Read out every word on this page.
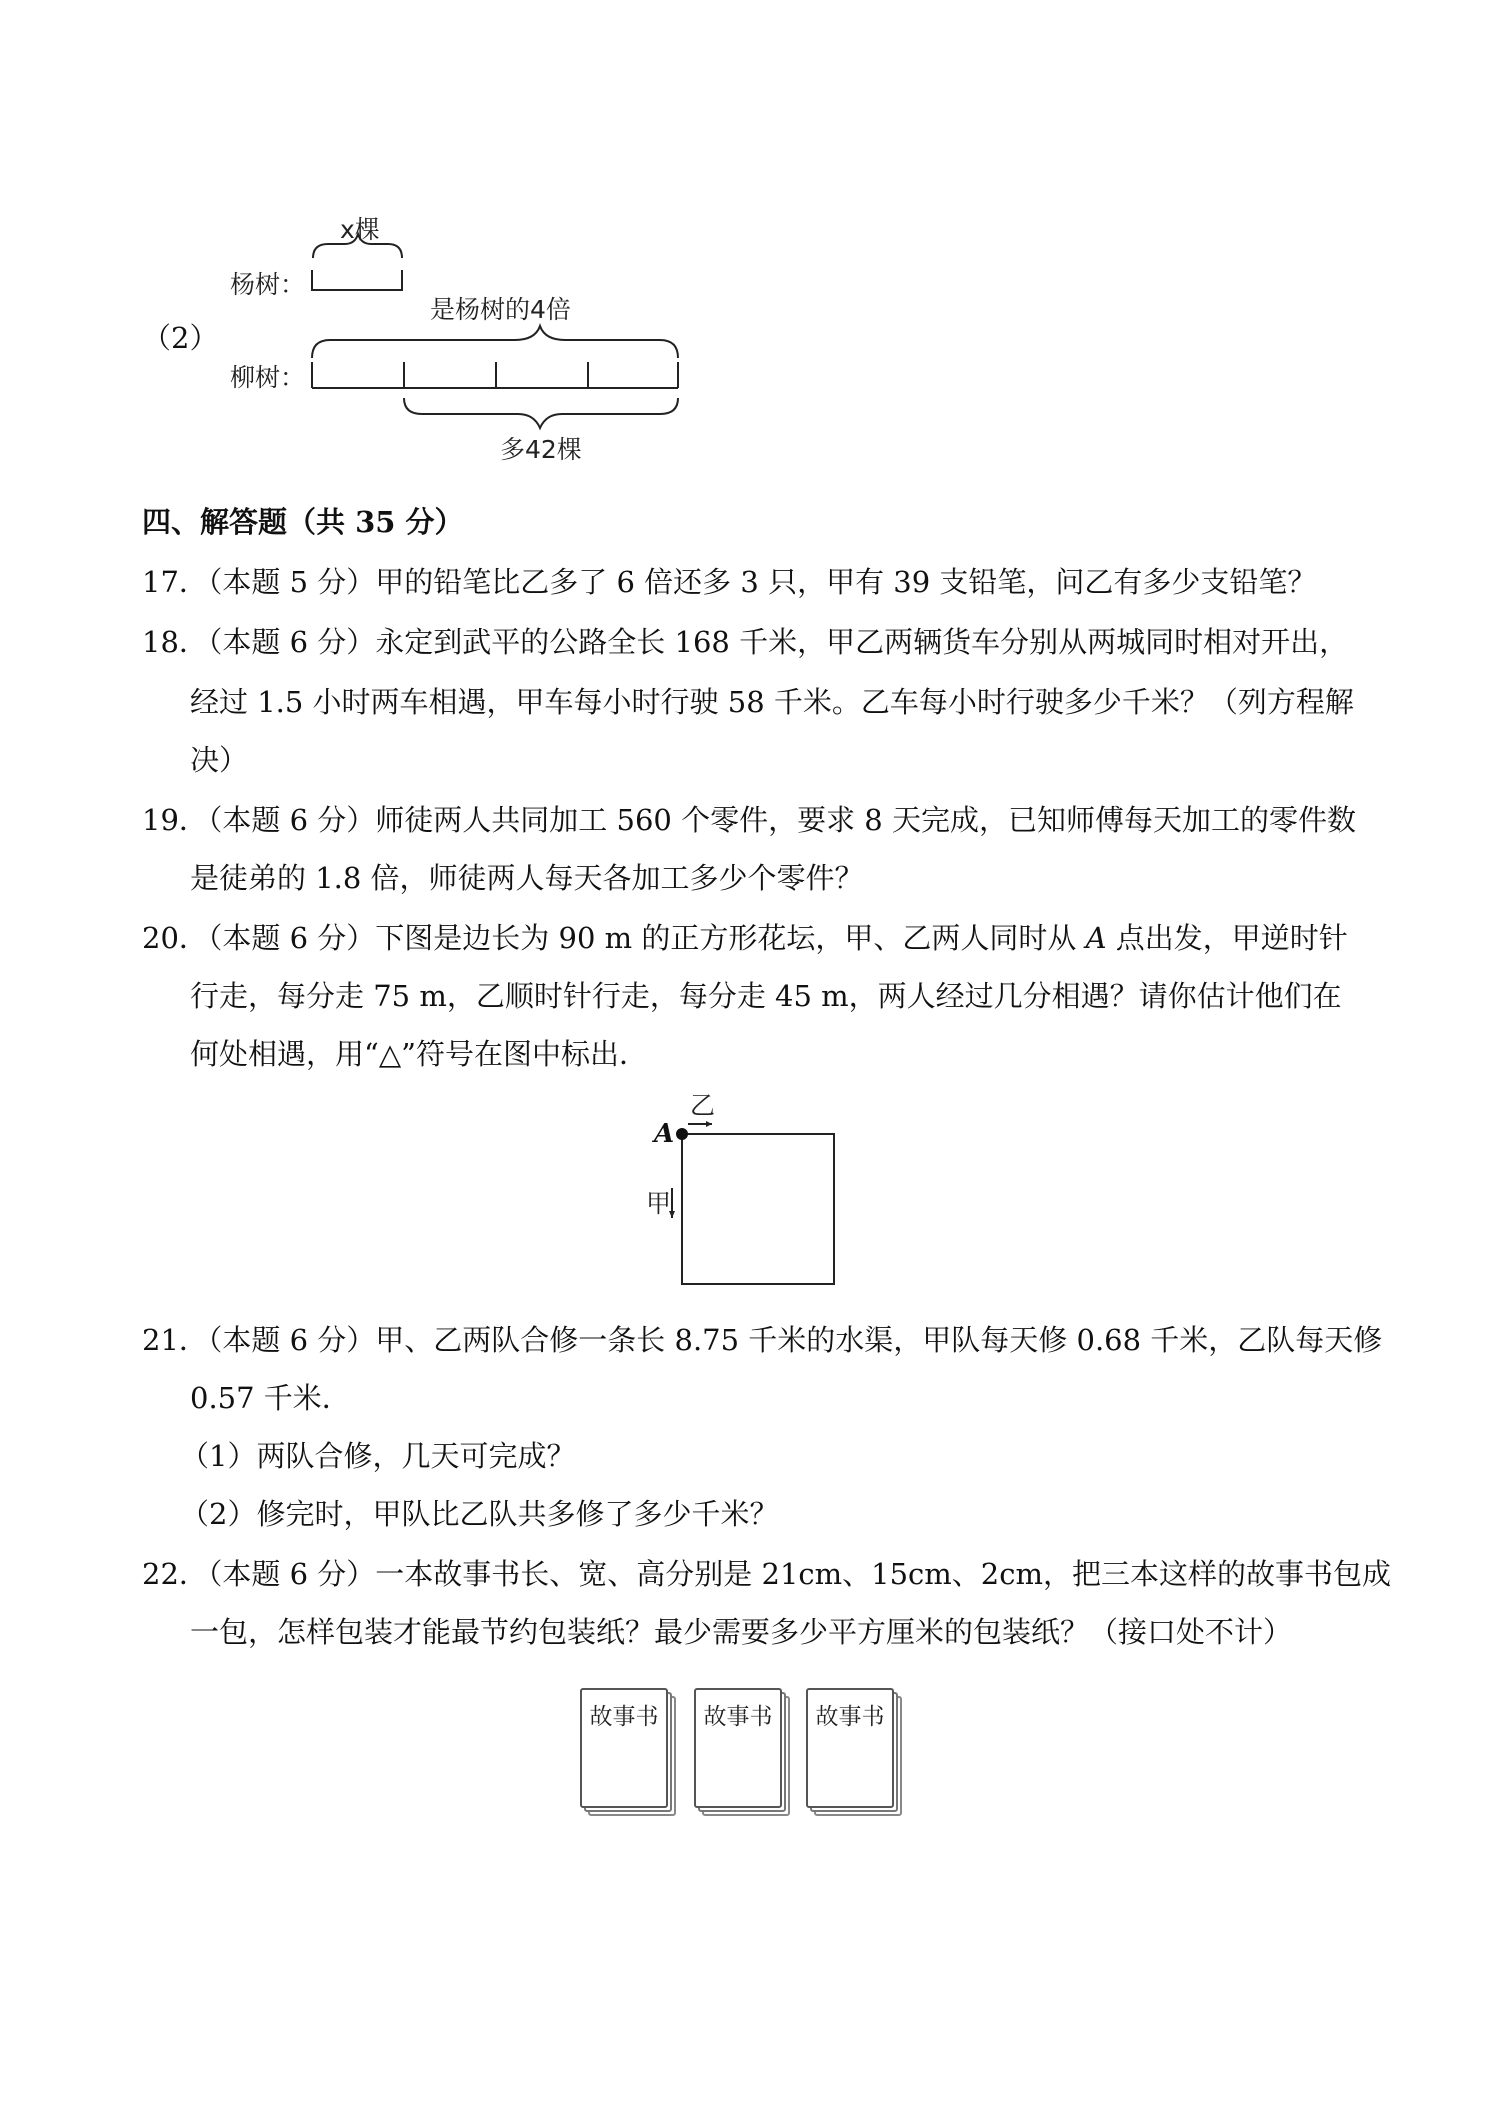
（2）
x棵
杨树：
是杨树的4倍
柳树：
多42棵
四、解答题（共 35 分）
17．（本题 5 分）甲的铅笔比乙多了 6 倍还多 3 只，甲有 39 支铅笔，问乙有多少支铅笔？
18．（本题 6 分）永定到武平的公路全长 168 千米，甲乙两辆货车分别从两城同时相对开出，
经过 1.5 小时两车相遇，甲车每小时行驶 58 千米。乙车每小时行驶多少千米？（列方程解
决）
19．（本题 6 分）师徒两人共同加工 560 个零件，要求 8 天完成，已知师傅每天加工的零件数
是徒弟的 1.8 倍，师徒两人每天各加工多少个零件？
20．（本题 6 分）下图是边长为 90 m 的正方形花坛，甲、乙两人同时从 A 点出发，甲逆时针
行走，每分走 75 m，乙顺时针行走，每分走 45 m，两人经过几分相遇？请你估计他们在
何处相遇，用“△”符号在图中标出．
A
乙
甲
21．（本题 6 分）甲、乙两队合修一条长 8.75 千米的水渠，甲队每天修 0.68 千米，乙队每天修
0.57 千米．
（1）两队合修，几天可完成？
（2）修完时，甲队比乙队共多修了多少千米？
22．（本题 6 分）一本故事书长、宽、高分别是 21cm、15cm、2cm，把三本这样的故事书包成
一包，怎样包装才能最节约包装纸？最少需要多少平方厘米的包装纸？（接口处不计）
故事书	故事书	故事书
